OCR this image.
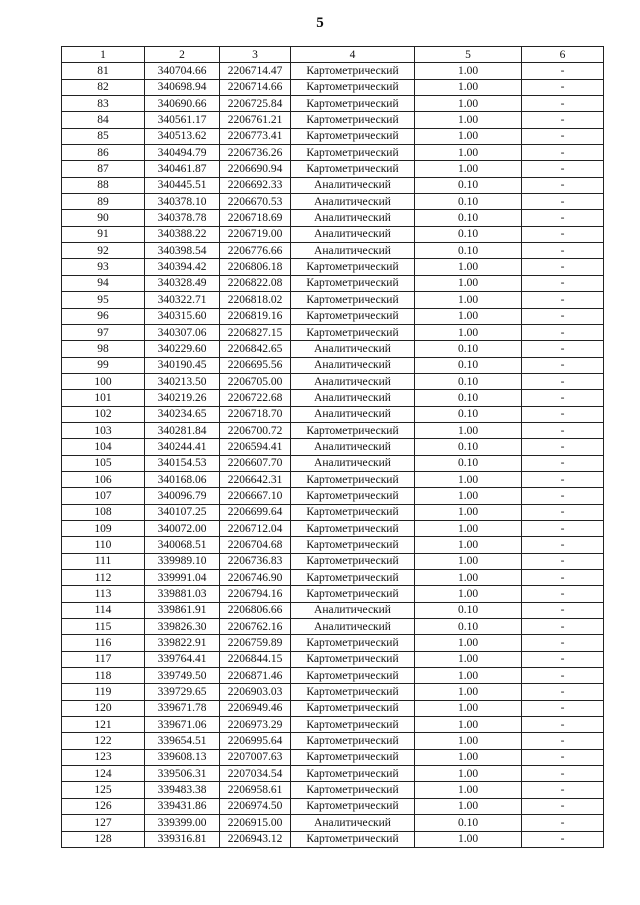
5
1	2	3	4	5	6
81	340704.66	2206714.47	Картометрический	1.00	-
82	340698.94	2206714.66	Картометрический	1.00	-
83	340690.66	2206725.84	Картометрический	1.00	-
84	340561.17	2206761.21	Картометрический	1.00	-
85	340513.62	2206773.41	Картометрический	1.00	-
86	340494.79	2206736.26	Картометрический	1.00	-
87	340461.87	2206690.94	Картометрический	1.00	-
88	340445.51	2206692.33	Аналитический	0.10	-
89	340378.10	2206670.53	Аналитический	0.10	-
90	340378.78	2206718.69	Аналитический	0.10	-
91	340388.22	2206719.00	Аналитический	0.10	-
92	340398.54	2206776.66	Аналитический	0.10	-
93	340394.42	2206806.18	Картометрический	1.00	-
94	340328.49	2206822.08	Картометрический	1.00	-
95	340322.71	2206818.02	Картометрический	1.00	-
96	340315.60	2206819.16	Картометрический	1.00	-
97	340307.06	2206827.15	Картометрический	1.00	-
98	340229.60	2206842.65	Аналитический	0.10	-
99	340190.45	2206695.56	Аналитический	0.10	-
100	340213.50	2206705.00	Аналитический	0.10	-
101	340219.26	2206722.68	Аналитический	0.10	-
102	340234.65	2206718.70	Аналитический	0.10	-
103	340281.84	2206700.72	Картометрический	1.00	-
104	340244.41	2206594.41	Аналитический	0.10	-
105	340154.53	2206607.70	Аналитический	0.10	-
106	340168.06	2206642.31	Картометрический	1.00	-
107	340096.79	2206667.10	Картометрический	1.00	-
108	340107.25	2206699.64	Картометрический	1.00	-
109	340072.00	2206712.04	Картометрический	1.00	-
110	340068.51	2206704.68	Картометрический	1.00	-
111	339989.10	2206736.83	Картометрический	1.00	-
112	339991.04	2206746.90	Картометрический	1.00	-
113	339881.03	2206794.16	Картометрический	1.00	-
114	339861.91	2206806.66	Аналитический	0.10	-
115	339826.30	2206762.16	Аналитический	0.10	-
116	339822.91	2206759.89	Картометрический	1.00	-
117	339764.41	2206844.15	Картометрический	1.00	-
118	339749.50	2206871.46	Картометрический	1.00	-
119	339729.65	2206903.03	Картометрический	1.00	-
120	339671.78	2206949.46	Картометрический	1.00	-
121	339671.06	2206973.29	Картометрический	1.00	-
122	339654.51	2206995.64	Картометрический	1.00	-
123	339608.13	2207007.63	Картометрический	1.00	-
124	339506.31	2207034.54	Картометрический	1.00	-
125	339483.38	2206958.61	Картометрический	1.00	-
126	339431.86	2206974.50	Картометрический	1.00	-
127	339399.00	2206915.00	Аналитический	0.10	-
128	339316.81	2206943.12	Картометрический	1.00	-
